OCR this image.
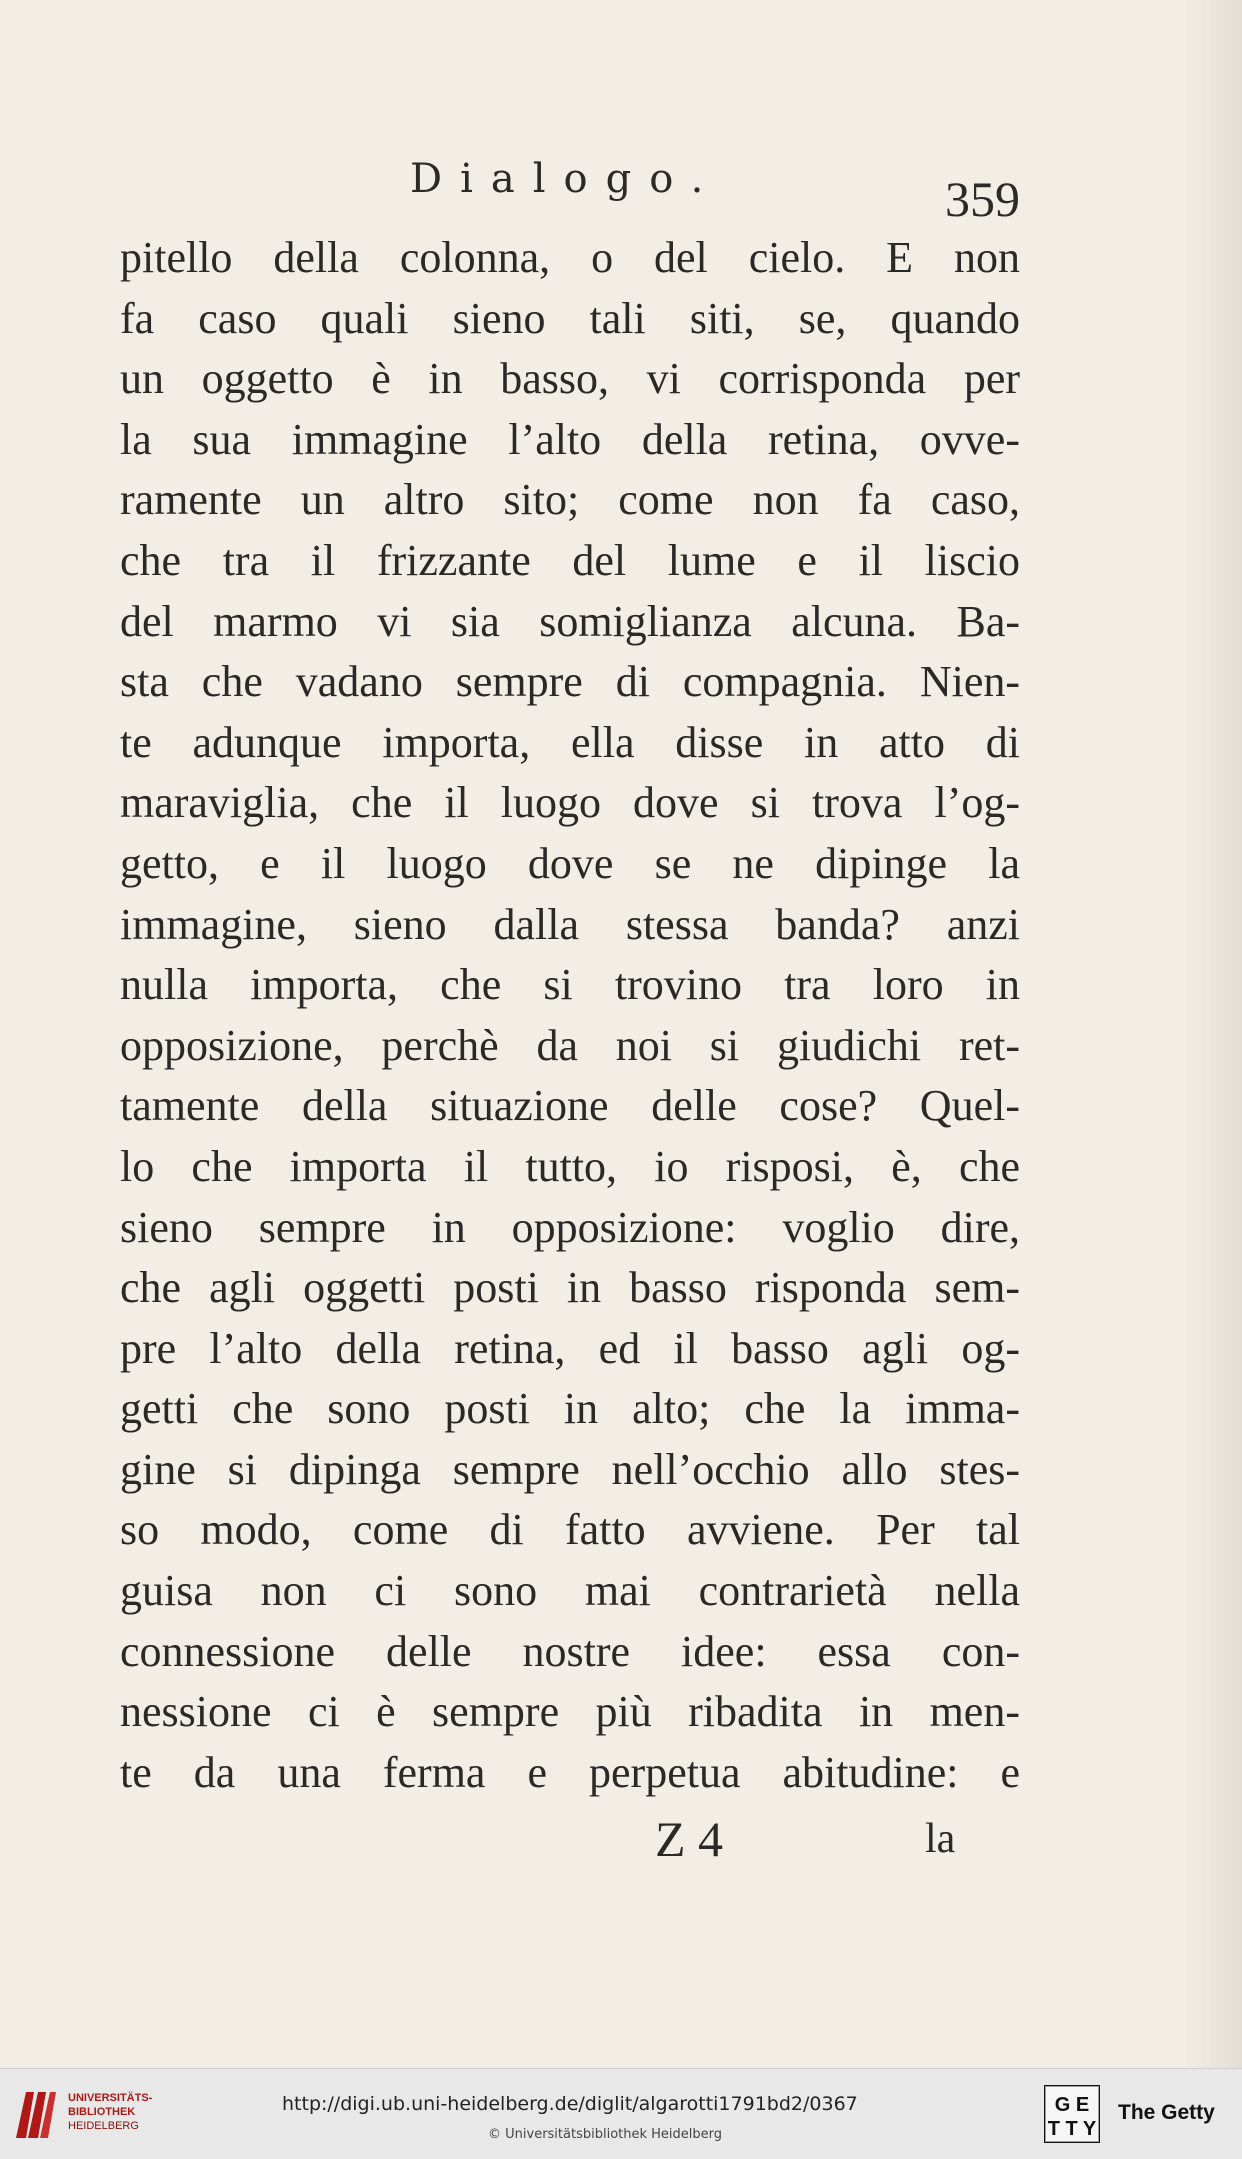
Dialogo.	359
pitello della colonna, o del cielo. E non
fa caso quali sieno tali siti, se, quando
un oggetto è in basso, vi corrisponda per
la sua immagine l’alto della retina, ovve-
ramente un altro sito; come non fa caso,
che tra il frizzante del lume e il liscio
del marmo vi sia somiglianza alcuna. Ba-
sta che vadano sempre di compagnia. Nien-
te adunque importa, ella disse in atto di
maraviglia, che il luogo dove si trova l’og-
getto, e il luogo dove se ne dipinge la
immagine, sieno dalla stessa banda? anzi
nulla importa, che si trovino tra loro in
opposizione, perchè da noi si giudichi ret-
tamente della situazione delle cose? Quel-
lo che importa il tutto, io risposi, è, che
sieno sempre in opposizione: voglio dire,
che agli oggetti posti in basso risponda sem-
pre l’alto della retina, ed il basso agli og-
getti che sono posti in alto; che la imma-
gine si dipinga sempre nell’occhio allo stes-
so modo, come di fatto avviene. Per tal
guisa non ci sono mai contrarietà nella
connessione delle nostre idee: essa con-
nessione ci è sempre più ribadita in men-
te da una ferma e perpetua abitudine: e
Z 4	la
UNIVERSITÄTS-
BIBLIOTHEK
HEIDELBERG
http://digi.ub.uni-heidelberg.de/diglit/algarotti1791bd2/0367
© Universitätsbibliothek Heidelberg
G E
T T Y
The Getty
